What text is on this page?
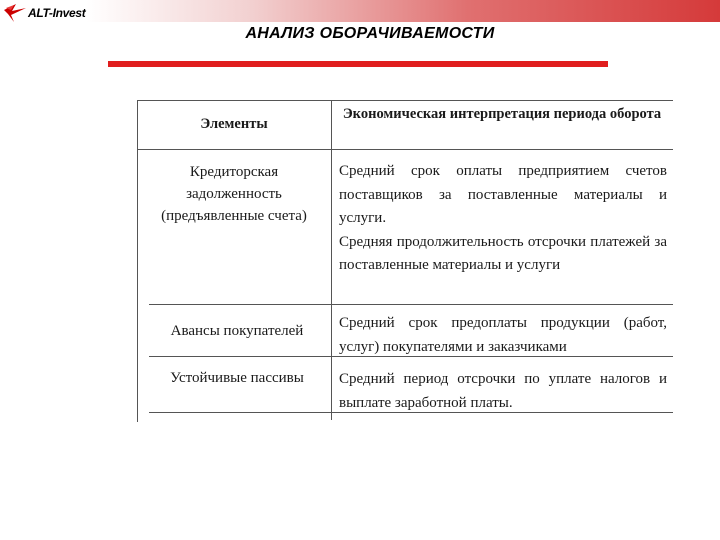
ALT-Invest
АНАЛИЗ ОБОРАЧИВАЕМОСТИ
Элементы
Экономическая интерпретация периода оборота
Кредиторская задолженность (предъявленные счета)

Средний срок оплаты предприятием счетов поставщиков за поставленные материалы и услуги.

Средняя продолжительность отсрочки платежей за поставленные материалы и услуги

Авансы покупателей	Средний срок предоплаты продукции (работ, услуг) покупателями и заказчиками

Устойчивые пассивы	Средний период отсрочки по уплате налогов и выплате заработной платы.
